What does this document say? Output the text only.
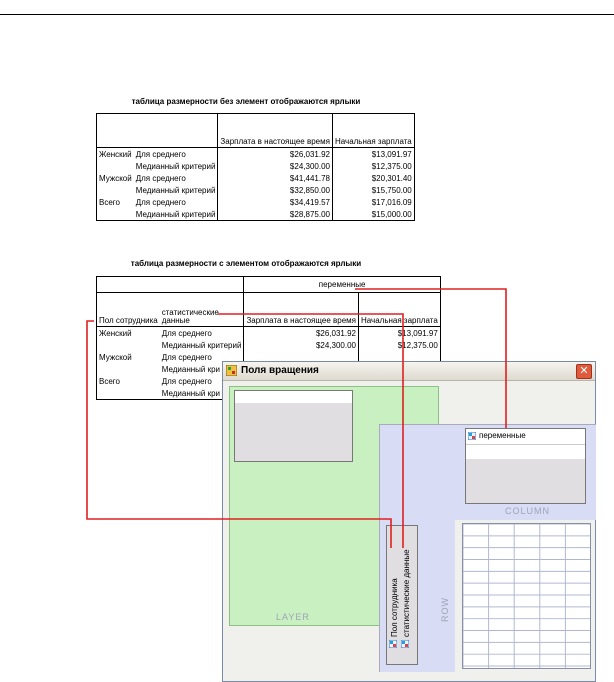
таблица размерности без элемент отображаются ярлыки
		Зарплата в настоящее время	Начальная зарплата
Женский	Для среднего	$26,031.92	$13,091.97
	Медианный критерий	$24,300.00	$12,375.00
Мужской	Для среднего	$41,441.78	$20,301.40
	Медианный критерий	$32,850.00	$15,750.00
Всего	Для среднего	$34,419.57	$17,016.09
	Медианный критерий	$28,875.00	$15,000.00
таблица размерности с элементом отображаются ярлыки
		переменные	
Пол сотрудника	статистические данные	Зарплата в настоящее время	Начальная зарплата
Женский	Для среднего	$26,031.92	$13,091.97
	Медианный критерий	$24,300.00	$12,375.00
Мужской	Для среднего		
	Медианный кри		
Всего	Для среднего		
	Медианный кри		
Поля вращения	✕
LAYER
переменные
COLUMN
Пол сотрудника статистические данные	ROW
